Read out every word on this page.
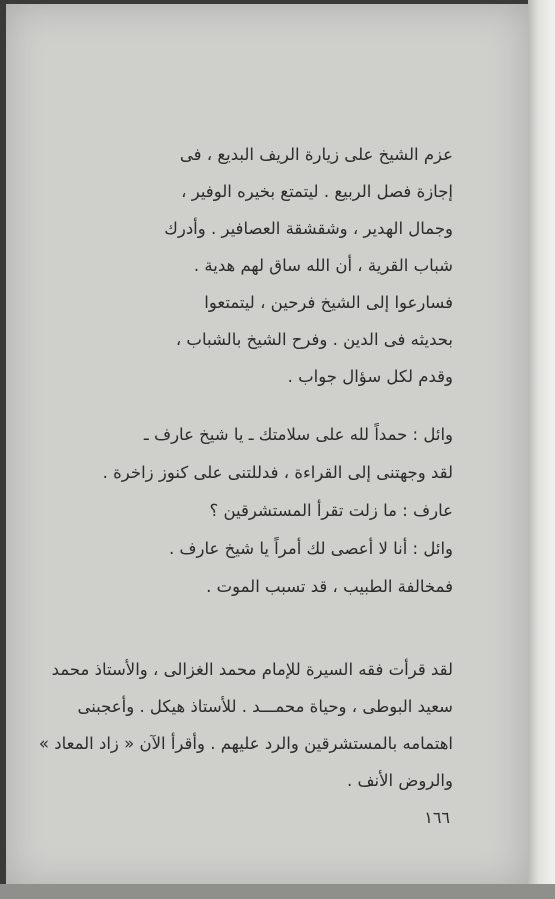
عزم الشيخ على زيارة الريف البديع ، فى
إجازة فصل الربيع . ليتمتع بخيره الوفير ،
وجمال الهدير ، وشقشقة العصافير . وأدرك
شباب القرية ، أن الله ساق لهم هدية .
فسارعوا إلى الشيخ فرحين ، ليتمتعوا
بحديثه فى الدين . وفرح الشيخ بالشباب ،
وقدم لكل سؤال جواب .
وائل : حمداً لله على سلامتك ـ يا شيخ عارف ـ
لقد وجهتنى إلى القراءة ، فدللتنى على كنوز زاخرة .
عارف : ما زلت تقرأ المستشرقين ؟
وائل : أنا لا أعصى لك أمراً يا شيخ عارف .
فمخالفة الطبيب ، قد تسبب الموت .
لقد قرأت فقه السيرة للإمام محمد الغزالى ، والأستاذ محمد
سعيد البوطى ، وحياة محمـــد . للأستاذ هيكل . وأعجبنى
اهتمامه بالمستشرقين والرد عليهم . وأقرأ الآن « زاد المعاد »
والروض الأنف .
١٦٦
